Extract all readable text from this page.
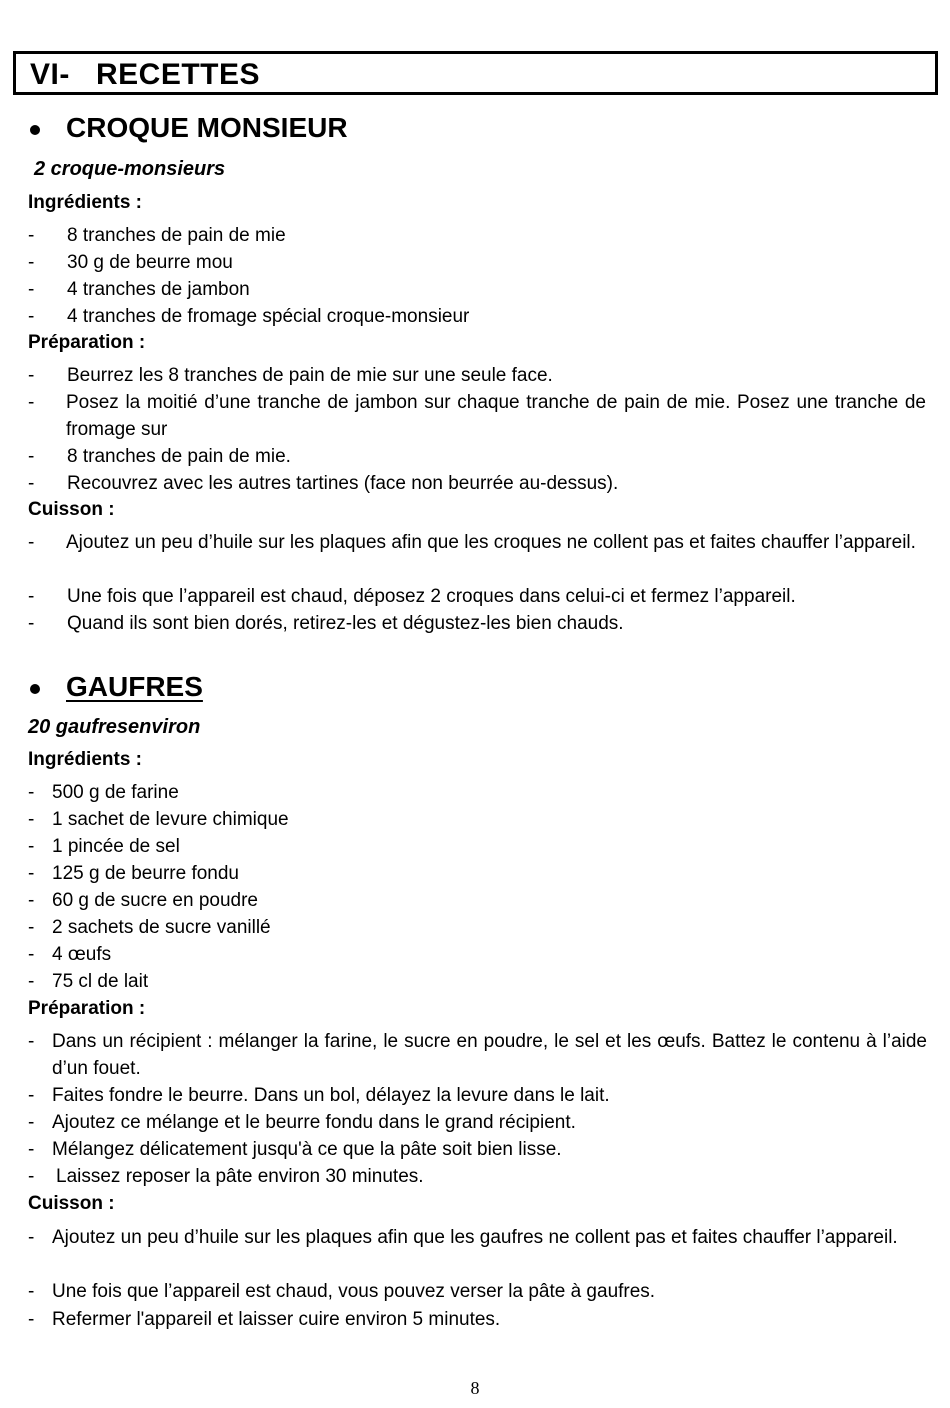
VI- RECETTES
CROQUE MONSIEUR
2 croque-monsieurs
Ingrédients :
- 8 tranches de pain de mie
- 30 g de beurre mou
- 4 tranches de jambon
- 4 tranches de fromage spécial croque-monsieur
Préparation :
- Beurrez les 8 tranches de pain de mie sur une seule face.
- Posez la moitié d’une tranche de jambon sur chaque tranche de pain de mie. Posez une tranche de fromage sur
- 8 tranches de pain de mie.
- Recouvrez avec les autres tartines (face non beurrée au-dessus).
Cuisson :
- Ajoutez un peu d’huile sur les plaques afin que les croques ne collent pas et faites chauffer l’appareil.
- Une fois que l’appareil est chaud, déposez 2 croques dans celui-ci et fermez l’appareil.
- Quand ils sont bien dorés, retirez-les et dégustez-les bien chauds.
GAUFRES
20 gaufresenviron
Ingrédients :
- 500 g de farine
- 1 sachet de levure chimique
- 1 pincée de sel
- 125 g de beurre fondu
- 60 g de sucre en poudre
- 2 sachets de sucre vanillé
- 4 œufs
- 75 cl de lait
Préparation :
- Dans un récipient : mélanger la farine, le sucre en poudre, le sel et les œufs. Battez le contenu à l’aide d’un fouet.
- Faites fondre le beurre. Dans un bol, délayez la levure dans le lait.
- Ajoutez ce mélange et le beurre fondu dans le grand récipient.
- Mélangez délicatement jusqu'à ce que la pâte soit bien lisse.
- Laissez reposer la pâte environ 30 minutes.
Cuisson :
- Ajoutez un peu d’huile sur les plaques afin que les gaufres ne collent pas et faites chauffer l’appareil.
- Une fois que l’appareil est chaud, vous pouvez verser la pâte à gaufres.
- Refermer l'appareil et laisser cuire environ 5 minutes.
8
